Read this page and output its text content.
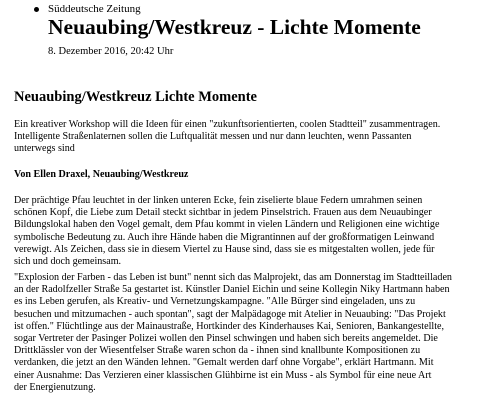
Süddeutsche Zeitung
Neuaubing/Westkreuz - Lichte Momente
8. Dezember 2016, 20:42 Uhr
Neuaubing/Westkreuz Lichte Momente

Ein kreativer Workshop will die Ideen für einen "zukunftsorientierten, coolen Stadtteil" zusammentragen.
Intelligente Straßenlaternen sollen die Luftqualität messen und nur dann leuchten, wenn Passanten
unterwegs sind

Von Ellen Draxel, Neuaubing/Westkreuz

Der prächtige Pfau leuchtet in der linken unteren Ecke, fein ziselierte blaue Federn umrahmen seinen
schönen Kopf, die Liebe zum Detail steckt sichtbar in jedem Pinselstrich. Frauen aus dem Neuaubinger
Bildungslokal haben den Vogel gemalt, dem Pfau kommt in vielen Ländern und Religionen eine wichtige
symbolische Bedeutung zu. Auch ihre Hände haben die Migrantinnen auf der großformatigen Leinwand
verewigt. Als Zeichen, dass sie in diesem Viertel zu Hause sind, dass sie es mitgestalten wollen, jede für
sich und doch gemeinsam.

"Explosion der Farben - das Leben ist bunt" nennt sich das Malprojekt, das am Donnerstag im Stadtteilladen
an der Radolfzeller Straße 5a gestartet ist. Künstler Daniel Eichin und seine Kollegin Niky Hartmann haben
es ins Leben gerufen, als Kreativ- und Vernetzungskampagne. "Alle Bürger sind eingeladen, uns zu
besuchen und mitzumachen - auch spontan", sagt der Malpädagoge mit Atelier in Neuaubing: "Das Projekt
ist offen." Flüchtlinge aus der Mainaustraße, Hortkinder des Kinderhauses Kai, Senioren, Bankangestellte,
sogar Vertreter der Pasinger Polizei wollen den Pinsel schwingen und haben sich bereits angemeldet. Die
Drittklässler von der Wiesentfelser Straße waren schon da - ihnen sind knallbunte Kompositionen zu
verdanken, die jetzt an den Wänden lehnen. "Gemalt werden darf ohne Vorgabe", erklärt Hartmann. Mit
einer Ausnahme: Das Verzieren einer klassischen Glühbirne ist ein Muss - als Symbol für eine neue Art
der Energienutzung.
